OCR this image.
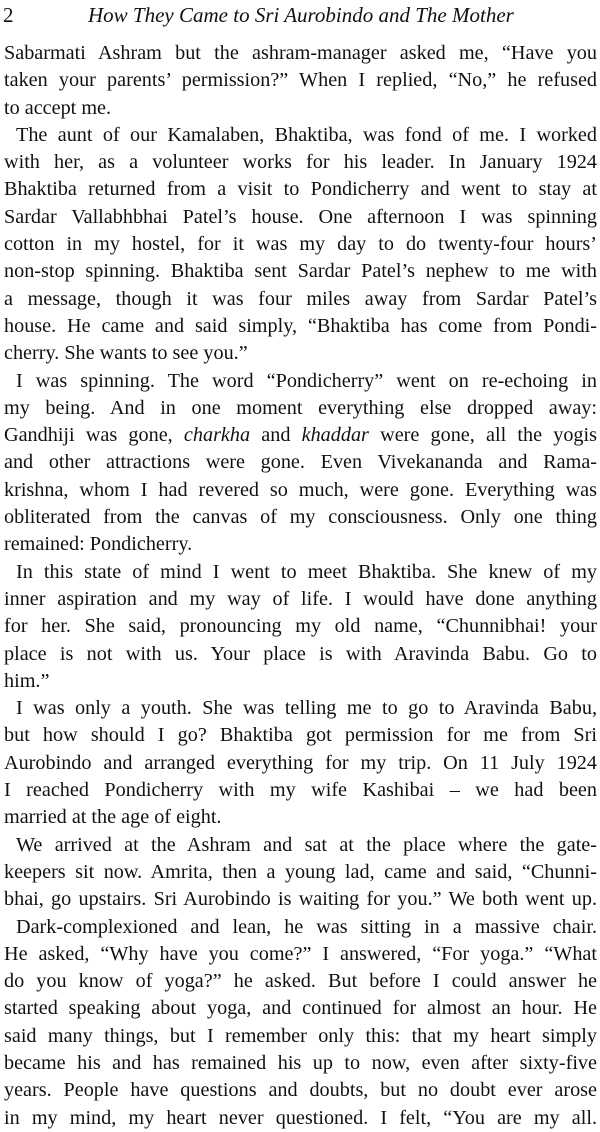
2	How They Came to Sri Aurobindo and The Mother
Sabarmati Ashram but the ashram-manager asked me, “Have you
taken your parents’ permission?” When I replied, “No,” he refused
to accept me.
The aunt of our Kamalaben, Bhaktiba, was fond of me. I worked
with her, as a volunteer works for his leader. In January 1924
Bhaktiba returned from a visit to Pondicherry and went to stay at
Sardar Vallabhbhai Patel’s house. One afternoon I was spinning
cotton in my hostel, for it was my day to do twenty-four hours’
non-stop spinning. Bhaktiba sent Sardar Patel’s nephew to me with
a message, though it was four miles away from Sardar Patel’s
house. He came and said simply, “Bhaktiba has come from Pondi-
cherry. She wants to see you.”
I was spinning. The word “Pondicherry” went on re-echoing in
my being. And in one moment everything else dropped away:
Gandhiji was gone, charkha and khaddar were gone, all the yogis
and other attractions were gone. Even Vivekananda and Rama-
krishna, whom I had revered so much, were gone. Everything was
obliterated from the canvas of my consciousness. Only one thing
remained: Pondicherry.
In this state of mind I went to meet Bhaktiba. She knew of my
inner aspiration and my way of life. I would have done anything
for her. She said, pronouncing my old name, “Chunnibhai! your
place is not with us. Your place is with Aravinda Babu. Go to
him.”
I was only a youth. She was telling me to go to Aravinda Babu,
but how should I go? Bhaktiba got permission for me from Sri
Aurobindo and arranged everything for my trip. On 11 July 1924
I reached Pondicherry with my wife Kashibai – we had been
married at the age of eight.
We arrived at the Ashram and sat at the place where the gate-
keepers sit now. Amrita, then a young lad, came and said, “Chunni-
bhai, go upstairs. Sri Aurobindo is waiting for you.” We both went up.
Dark-complexioned and lean, he was sitting in a massive chair.
He asked, “Why have you come?” I answered, “For yoga.” “What
do you know of yoga?” he asked. But before I could answer he
started speaking about yoga, and continued for almost an hour. He
said many things, but I remember only this: that my heart simply
became his and has remained his up to now, even after sixty-five
years. People have questions and doubts, but no doubt ever arose
in my mind, my heart never questioned. I felt, “You are my all.
